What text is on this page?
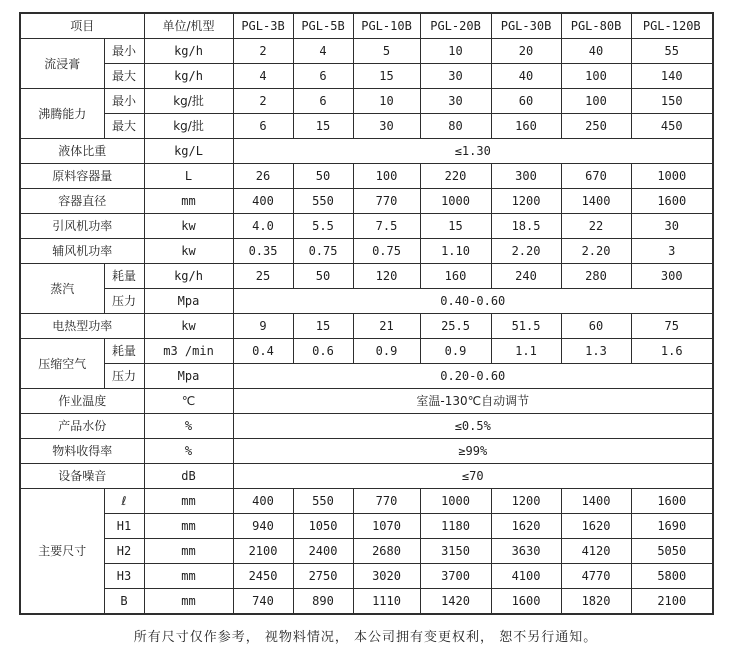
项目		单位/机型	PGL-3B	PGL-5B	PGL-10B	PGL-20B	PGL-30B	PGL-80B	PGL-120B
流浸膏	最小	kg/h	2	4	5	10	20	40	55
	最大	kg/h	4	6	15	30	40	100	140
沸腾能力	最小	kg/批	2	6	10	30	60	100	150
	最大	kg/批	6	15	30	80	160	250	450
液体比重		kg/L	≤1.30						
原料容器量		L	26	50	100	220	300	670	1000
容器直径		mm	400	550	770	1000	1200	1400	1600
引风机功率		kw	4.0	5.5	7.5	15	18.5	22	30
辅风机功率		kw	0.35	0.75	0.75	1.10	2.20	2.20	3
蒸汽	耗量	kg/h	25	50	120	160	240	280	300
	压力	Mpa	0.40-0.60						
电热型功率		kw	9	15	21	25.5	51.5	60	75
压缩空气	耗量	m3 /min	0.4	0.6	0.9	0.9	1.1	1.3	1.6
	压力	Mpa	0.20-0.60						
作业温度		℃	室温-130℃自动调节						
产品水份		%	≤0.5%						
物料收得率		%	≥99%						
设备噪音		dB	≤70						
主要尺寸	ℓ	mm	400	550	770	1000	1200	1400	1600
	H1	mm	940	1050	1070	1180	1620	1620	1690
	H2	mm	2100	2400	2680	3150	3630	4120	5050
	H3	mm	2450	2750	3020	3700	4100	4770	5800
	B	mm	740	890	1110	1420	1600	1820	2100
所有尺寸仅作参考， 视物料情况， 本公司拥有变更权利， 恕不另行通知。
